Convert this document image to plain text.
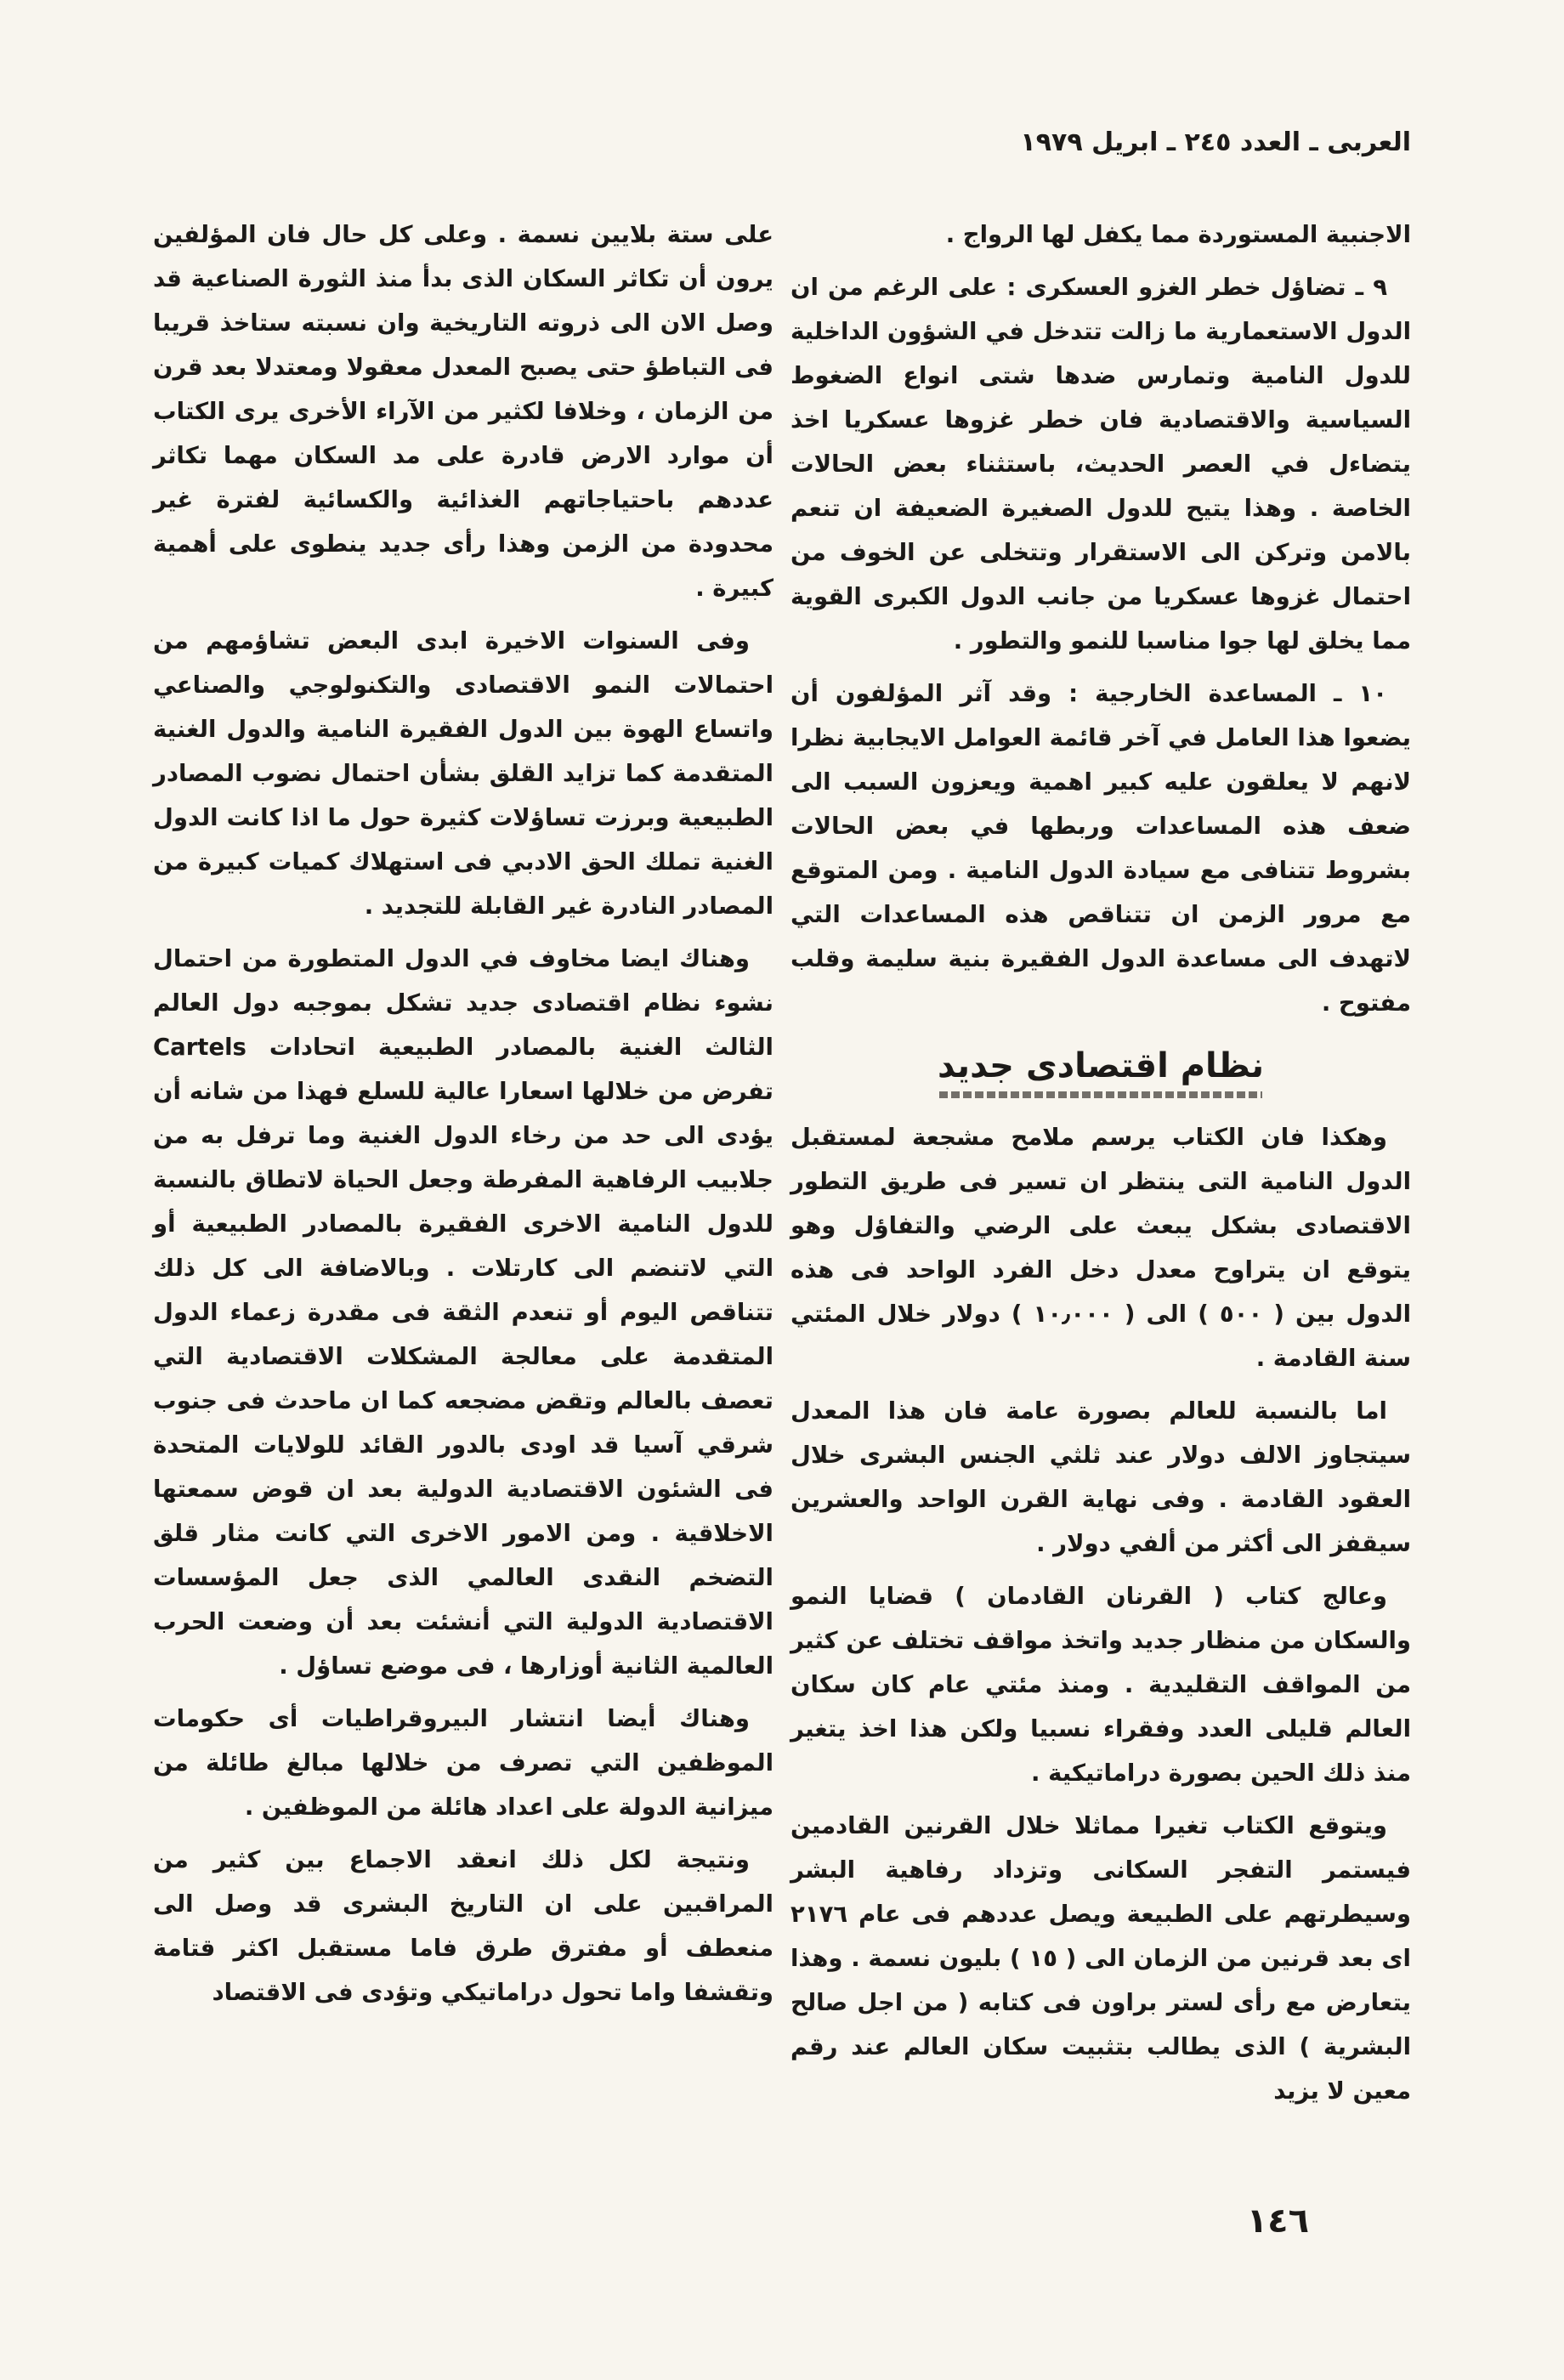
العربى ـ العدد ٢٤٥ ـ ابريل ١٩٧٩

الاجنبية المستوردة مما يكفل لها الرواج .

٩ ـ تضاؤل خطر الغزو العسكرى : على الرغم من ان الدول الاستعمارية ما زالت تتدخل في الشؤون الداخلية للدول النامية وتمارس ضدها شتى انواع الضغوط السياسية والاقتصادية فان خطر غزوها عسكريا اخذ يتضاءل في العصر الحديث، باستثناء بعض الحالات الخاصة . وهذا يتيح للدول الصغيرة الضعيفة ان تنعم بالامن وتركن الى الاستقرار وتتخلى عن الخوف من احتمال غزوها عسكريا من جانب الدول الكبرى القوية مما يخلق لها جوا مناسبا للنمو والتطور .

١٠ ـ المساعدة الخارجية : وقد آثر المؤلفون أن يضعوا هذا العامل في آخر قائمة العوامل الايجابية نظرا لانهم لا يعلقون عليه كبير اهمية ويعزون السبب الى ضعف هذه المساعدات وربطها في بعض الحالات بشروط تتنافى مع سيادة الدول النامية . ومن المتوقع مع مرور الزمن ان تتناقص هذه المساعدات التي لاتهدف الى مساعدة الدول الفقيرة بنية سليمة وقلب مفتوح .

نظام اقتصادى جديد

وهكذا فان الكتاب يرسم ملامح مشجعة لمستقبل الدول النامية التى ينتظر ان تسير فى طريق التطور الاقتصادى بشكل يبعث على الرضي والتفاؤل وهو يتوقع ان يتراوح معدل دخل الفرد الواحد فى هذه الدول بين ( ٥٠٠ ) الى ( ١٠٫٠٠٠ ) دولار خلال المئتي سنة القادمة .

اما بالنسبة للعالم بصورة عامة فان هذا المعدل سيتجاوز الالف دولار عند ثلثي الجنس البشرى خلال العقود القادمة . وفى نهاية القرن الواحد والعشرين سيقفز الى أكثر من ألفي دولار .

وعالج كتاب ( القرنان القادمان ) قضايا النمو والسكان من منظار جديد واتخذ مواقف تختلف عن كثير من المواقف التقليدية . ومنذ مئتي عام كان سكان العالم قليلى العدد وفقراء نسبيا ولكن هذا اخذ يتغير منذ ذلك الحين بصورة دراماتيكية .

ويتوقع الكتاب تغيرا مماثلا خلال القرنين القادمين فيستمر التفجر السكانى وتزداد رفاهية البشر وسيطرتهم على الطبيعة ويصل عددهم فى عام ٢١٧٦ اى بعد قرنين من الزمان الى ( ١٥ ) بليون نسمة . وهذا يتعارض مع رأى لستر براون فى كتابه ( من اجل صالح البشرية ) الذى يطالب بتثبيت سكان العالم عند رقم معين لا يزيد

على ستة بلايين نسمة . وعلى كل حال فان المؤلفين يرون أن تكاثر السكان الذى بدأ منذ الثورة الصناعية قد وصل الان الى ذروته التاريخية وان نسبته ستاخذ قريبا فى التباطؤ حتى يصبح المعدل معقولا ومعتدلا بعد قرن من الزمان ، وخلافا لكثير من الآراء الأخرى يرى الكتاب أن موارد الارض قادرة على مد السكان مهما تكاثر عددهم باحتياجاتهم الغذائية والكسائية لفترة غير محدودة من الزمن وهذا رأى جديد ينطوى على أهمية كبيرة .

وفى السنوات الاخيرة ابدى البعض تشاؤمهم من احتمالات النمو الاقتصادى والتكنولوجي والصناعي واتساع الهوة بين الدول الفقيرة النامية والدول الغنية المتقدمة كما تزايد القلق بشأن احتمال نضوب المصادر الطبيعية وبرزت تساؤلات كثيرة حول ما اذا كانت الدول الغنية تملك الحق الادبي فى استهلاك كميات كبيرة من المصادر النادرة غير القابلة للتجديد .

وهناك ايضا مخاوف في الدول المتطورة من احتمال نشوء نظام اقتصادى جديد تشكل بموجبه دول العالم الثالث الغنية بالمصادر الطبيعية اتحادات Cartels تفرض من خلالها اسعارا عالية للسلع فهذا من شانه أن يؤدى الى حد من رخاء الدول الغنية وما ترفل به من جلابيب الرفاهية المفرطة وجعل الحياة لاتطاق بالنسبة للدول النامية الاخرى الفقيرة بالمصادر الطبيعية أو التي لاتنضم الى كارتلات . وبالاضافة الى كل ذلك تتناقص اليوم أو تنعدم الثقة فى مقدرة زعماء الدول المتقدمة على معالجة المشكلات الاقتصادية التي تعصف بالعالم وتقض مضجعه كما ان ماحدث فى جنوب شرقي آسيا قد اودى بالدور القائد للولايات المتحدة فى الشئون الاقتصادية الدولية بعد ان قوض سمعتها الاخلاقية . ومن الامور الاخرى التي كانت مثار قلق التضخم النقدى العالمي الذى جعل المؤسسات الاقتصادية الدولية التي أنشئت بعد أن وضعت الحرب العالمية الثانية أوزارها ، فى موضع تساؤل .

وهناك أيضا انتشار البيروقراطيات أى حكومات الموظفين التي تصرف من خلالها مبالغ طائلة من ميزانية الدولة على اعداد هائلة من الموظفين .

ونتيجة لكل ذلك انعقد الاجماع بين كثير من المراقبين على ان التاريخ البشرى قد وصل الى منعطف أو مفترق طرق فاما مستقبل اكثر قتامة وتقشفا واما تحول دراماتيكي وتؤدى فى الاقتصاد

١٤٦
